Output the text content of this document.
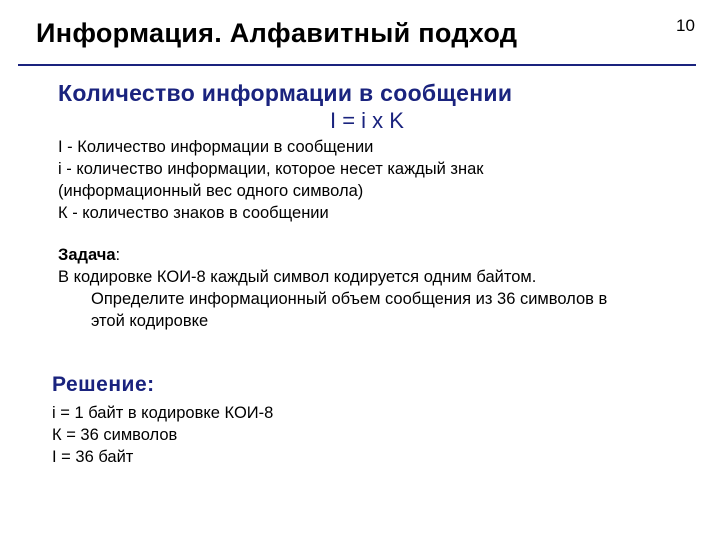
Информация. Алфавитный подход	10
Количество информации в сообщении
I = i x K
I - Количество информации в сообщении
i - количество информации, которое несет каждый знак
(информационный вес одного символа)
К - количество знаков в сообщении
Задача:
В кодировке КОИ-8 каждый символ кодируется одним байтом.
Определите информационный объем сообщения из 36 символов в
этой кодировке
Решение:
i = 1 байт в кодировке КОИ-8
К = 36 символов
I = 36 байт
